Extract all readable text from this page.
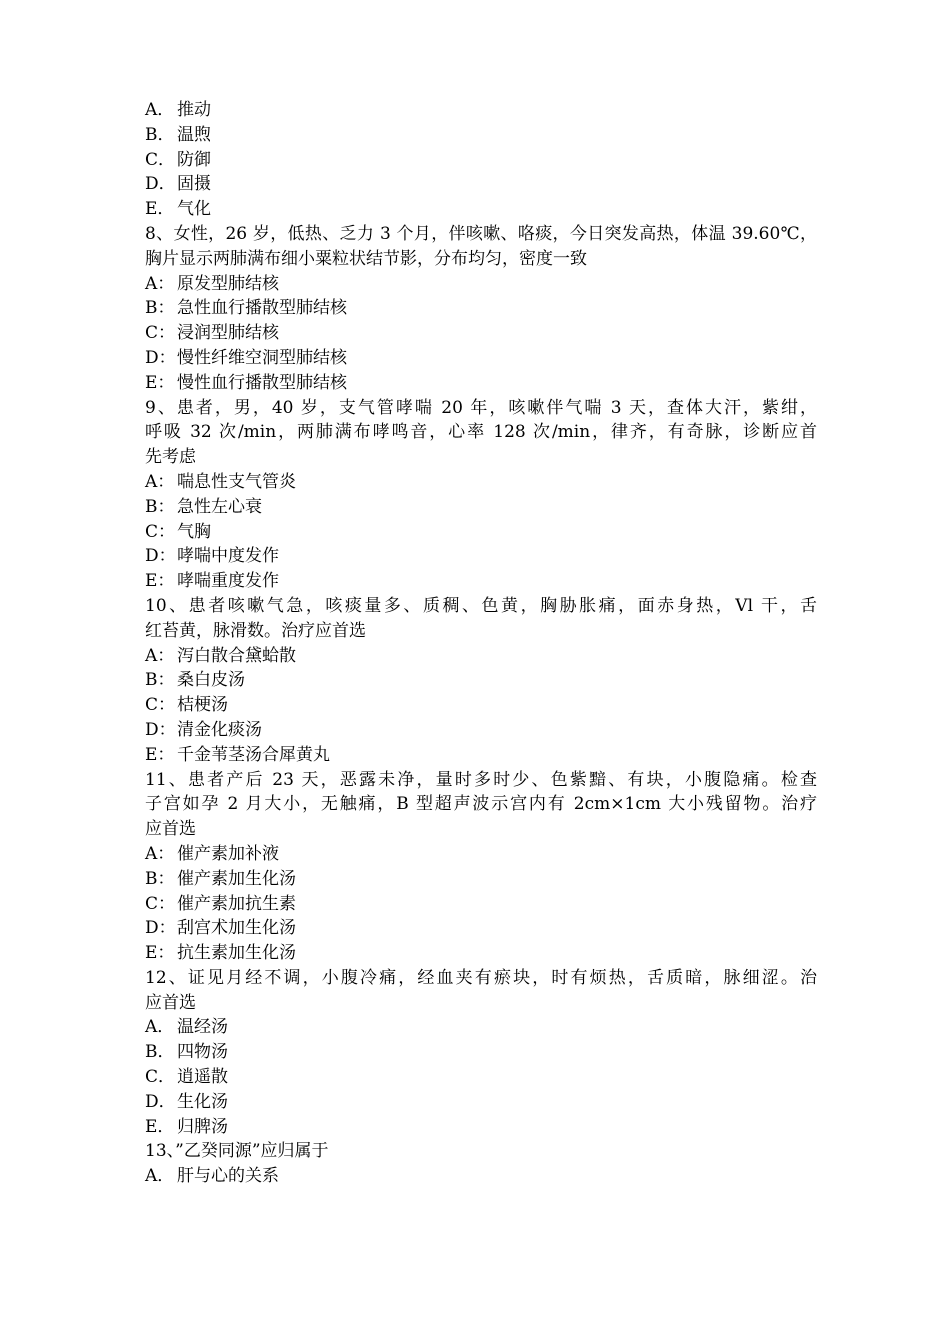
A． 推动
B． 温煦
C． 防御
D． 固摄
E． 气化
8、女性，26 岁，低热、乏力 3 个月，伴咳嗽、咯痰，今日突发高热，体温 39.60℃，
胸片显示两肺满布细小粟粒状结节影，分布均匀，密度一致
A： 原发型肺结核
B： 急性血行播散型肺结核
C： 浸润型肺结核
D： 慢性纤维空洞型肺结核
E： 慢性血行播散型肺结核
9、患者，男，40 岁，支气管哮喘 20 年，咳嗽伴气喘 3 天，查体大汗，紫绀，
呼吸 32 次/min，两肺满布哮鸣音，心率 128 次/min，律齐，有奇脉，诊断应首
先考虑
A： 喘息性支气管炎
B： 急性左心衰
C： 气胸
D： 哮喘中度发作
E： 哮喘重度发作
10、患者咳嗽气急，咳痰量多、质稠、色黄，胸胁胀痛，面赤身热，Vl 干，舌
红苔黄，脉滑数。治疗应首选
A： 泻白散合黛蛤散
B： 桑白皮汤
C： 桔梗汤
D： 清金化痰汤
E： 千金苇茎汤合犀黄丸
11、患者产后 23 天，恶露未净，量时多时少、色紫黯、有块，小腹隐痛。检查
子宫如孕 2 月大小，无触痛，B 型超声波示宫内有 2cm×1cm 大小残留物。治疗
应首选
A： 催产素加补液
B： 催产素加生化汤
C： 催产素加抗生素
D： 刮宫术加生化汤
E： 抗生素加生化汤
12、证见月经不调，小腹冷痛，经血夹有瘀块，时有烦热，舌质暗，脉细涩。治
应首选
A． 温经汤
B． 四物汤
C． 逍遥散
D． 生化汤
E． 归脾汤
13、”乙癸同源”应归属于
A． 肝与心的关系
